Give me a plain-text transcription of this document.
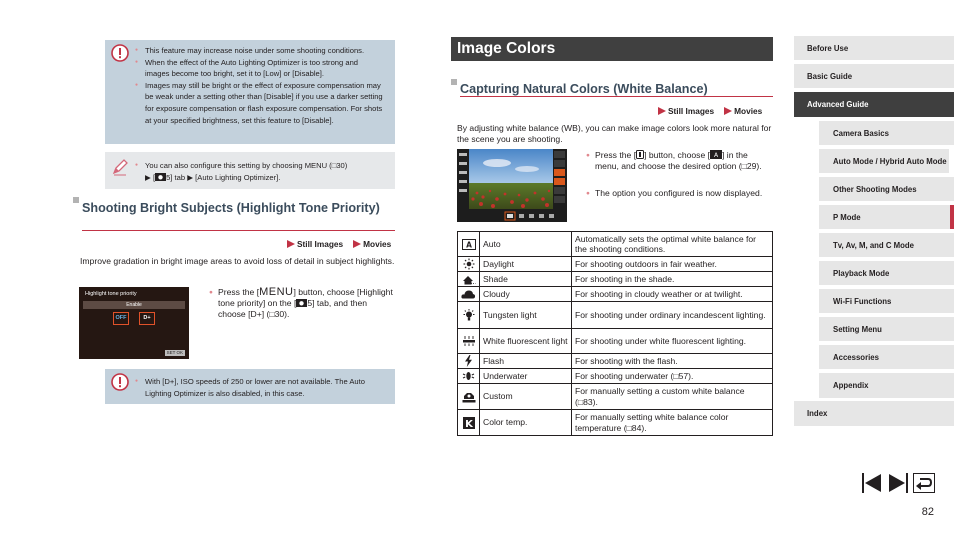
● This feature may increase noise under some shooting conditions.
● When the effect of the Auto Lighting Optimizer is too strong and images become too bright, set it to [Low] or [Disable].
● Images may still be bright or the effect of exposure compensation may be weak under a setting other than [Disable] if you use a darker setting for exposure compensation or flash exposure compensation. For shots at your specified brightness, set this feature to [Disable].
● You can also configure this setting by choosing MENU (□30)
▶ [ 5] tab ▶ [Auto Lighting Optimizer].
Shooting Bright Subjects (Highlight Tone Priority)
Still Images Movies
Improve gradation in bright image areas to avoid loss of detail in subject highlights.
Highlight tone priority
Enable
OFF	D+
SET OK
● Press the [MENU] button, choose [Highlight tone priority] on the [ 5] tab, and then choose [D+] (□30).
● With [D+], ISO speeds of 250 or lower are not available. The Auto Lighting Optimizer is also disabled, in this case.
Image Colors
Capturing Natural Colors (White Balance)
Still Images Movies
By adjusting white balance (WB), you can make image colors look more natural for the scene you are shooting.
● Press the [ ] button, choose [ A ] in the menu, and choose the desired option (□29).
● The option you configured is now displayed.
A	Auto	Automatically sets the optimal white balance for the shooting conditions.
	Daylight	For shooting outdoors in fair weather.
	Shade	For shooting in the shade.
	Cloudy	For shooting in cloudy weather or at twilight.
	Tungsten light	For shooting under ordinary incandescent lighting.
	White fluorescent light	For shooting under white fluorescent lighting.
	Flash	For shooting with the flash.
	Underwater	For shooting underwater (□57).
	Custom	For manually setting a custom white balance (□83).

K	Color temp.	For manually setting white balance color temperature (□84).
Before Use
Basic Guide
Advanced Guide
Camera Basics
Auto Mode / Hybrid Auto Mode
Other Shooting Modes
P Mode
Tv, Av, M, and C Mode
Playback Mode
Wi-Fi Functions
Setting Menu
Accessories
Appendix
Index
82
